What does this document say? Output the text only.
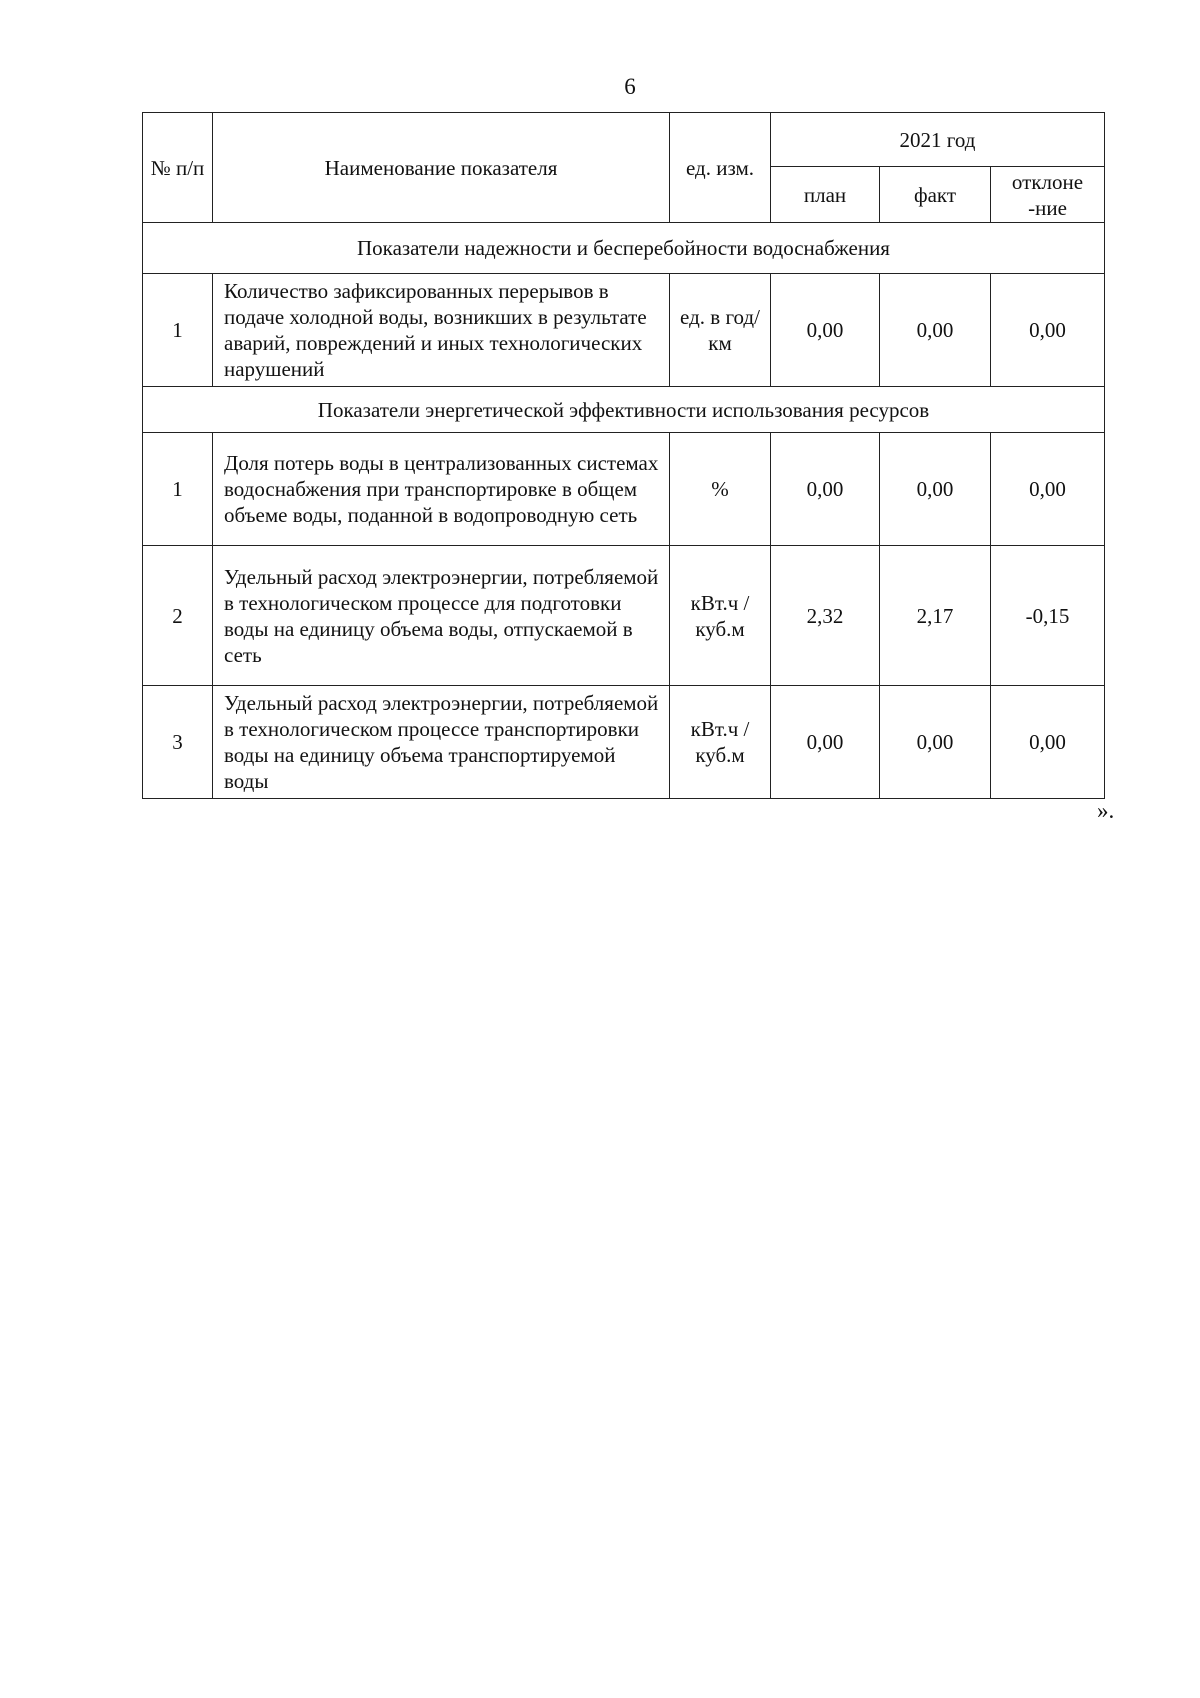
6
№ п/п	Наименование показателя	ед. изм.	2021 год		
			план	факт	отклоне -ние
Показатели надежности и бесперебойности водоснабжения					
1	Количество зафиксированных перерывов в подаче холодной воды, возникших в результате аварий, повреждений и иных технологических нарушений	ед. в год/ км	0,00	0,00	0,00
Показатели энергетической эффективности использования ресурсов					
1	Доля потерь воды в централизованных системах водоснабжения при транспортировке в общем объеме воды, поданной в водопроводную сеть	%	0,00	0,00	0,00
2	Удельный расход электроэнергии, потребляемой в технологическом процессе для подготовки воды на единицу объема воды, отпускаемой в сеть	кВт.ч / куб.м	2,32	2,17	-0,15
3	Удельный расход электроэнергии, потребляемой в технологическом процессе транспортировки воды на единицу объема транспортируемой воды	кВт.ч / куб.м	0,00	0,00	0,00
».
